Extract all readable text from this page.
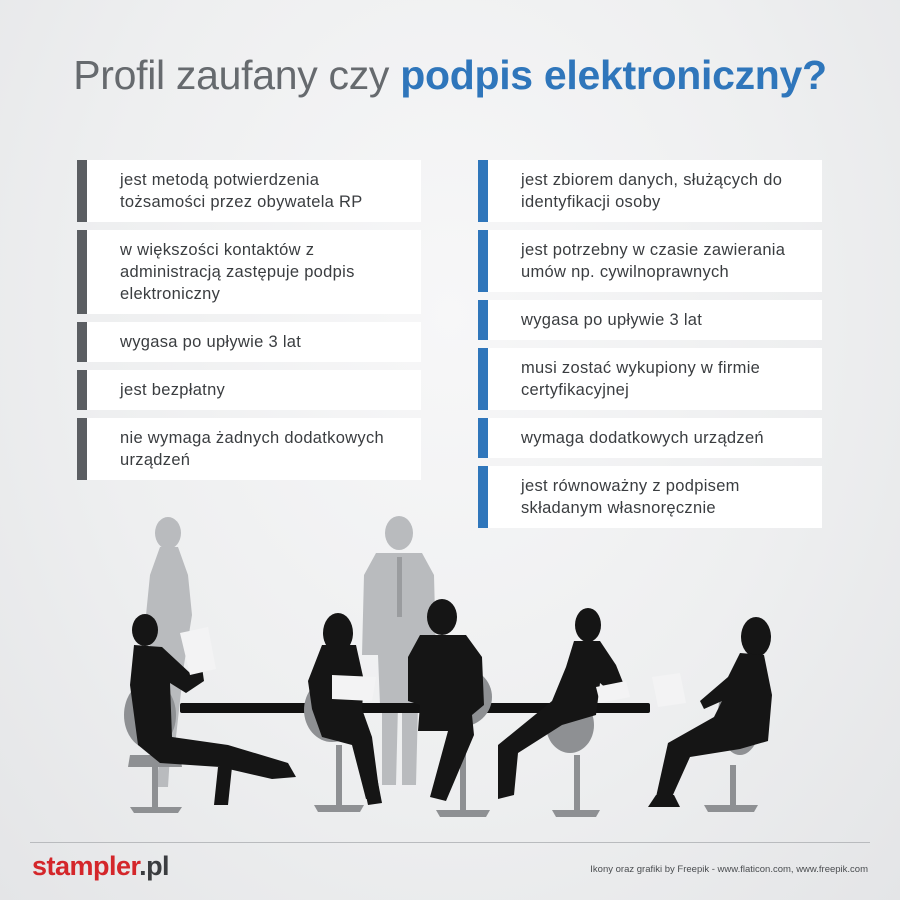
Profil zaufany czy podpis elektroniczny?
jest metodą potwierdzenia tożsamości przez obywatela RP
w większości kontaktów z administracją zastępuje podpis elektroniczny
wygasa po upływie 3 lat
jest bezpłatny
nie wymaga żadnych dodatkowych urządzeń
jest zbiorem danych, służących do identyfikacji osoby
jest potrzebny w czasie zawierania umów np. cywilnoprawnych
wygasa po upływie 3 lat
musi zostać wykupiony w firmie certyfikacyjnej
wymaga dodatkowych urządzeń
jest równoważny z podpisem składanym własnoręcznie
stampler.pl	Ikony oraz grafiki by Freepik - www.flaticon.com, www.freepik.com
